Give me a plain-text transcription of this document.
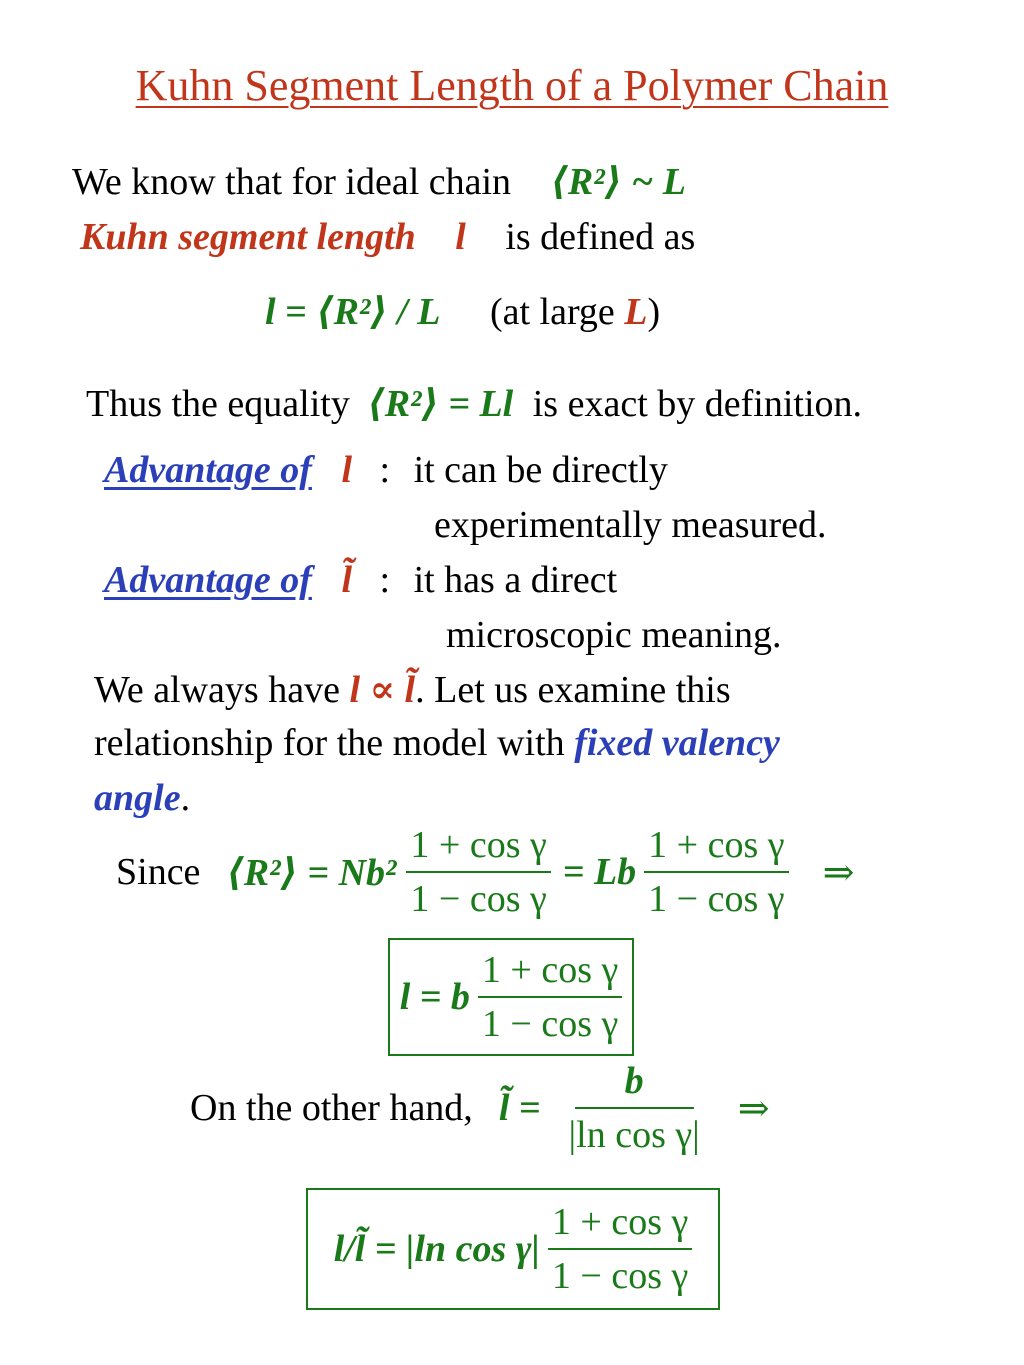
Kuhn Segment Length of a Polymer Chain
We know that for ideal chain ⟨R²⟩ ~ L
Kuhn segment length l is defined as
l = ⟨R²⟩ / L (at large L)
Thus the equality ⟨R²⟩ = Ll is exact by definition.
Advantage of l : it can be directly
experimentally measured.
Advantage of l̃ : it has a direct
microscopic meaning.
We always have l ∝ l̃. Let us examine this
relationship for the model with fixed valency
angle.
Since ⟨R²⟩ = $Nb^2 \frac{\text{1 + cos γ}}{\text{1 − cos γ}} = Lb \frac{\text{1 + cos γ}}{\text{1 − cos γ}}$ ⇒
l = b $\frac{\text{1 + cos γ}}{\text{1 − cos γ}}$
On the other hand, l̃ = $\frac{b}{\text{|ln cos γ|}}$ ⇒
l/l̃ = |ln $\cos \gamma| \frac{\text{1 + cos γ}}{\text{1 − cos γ}}$
